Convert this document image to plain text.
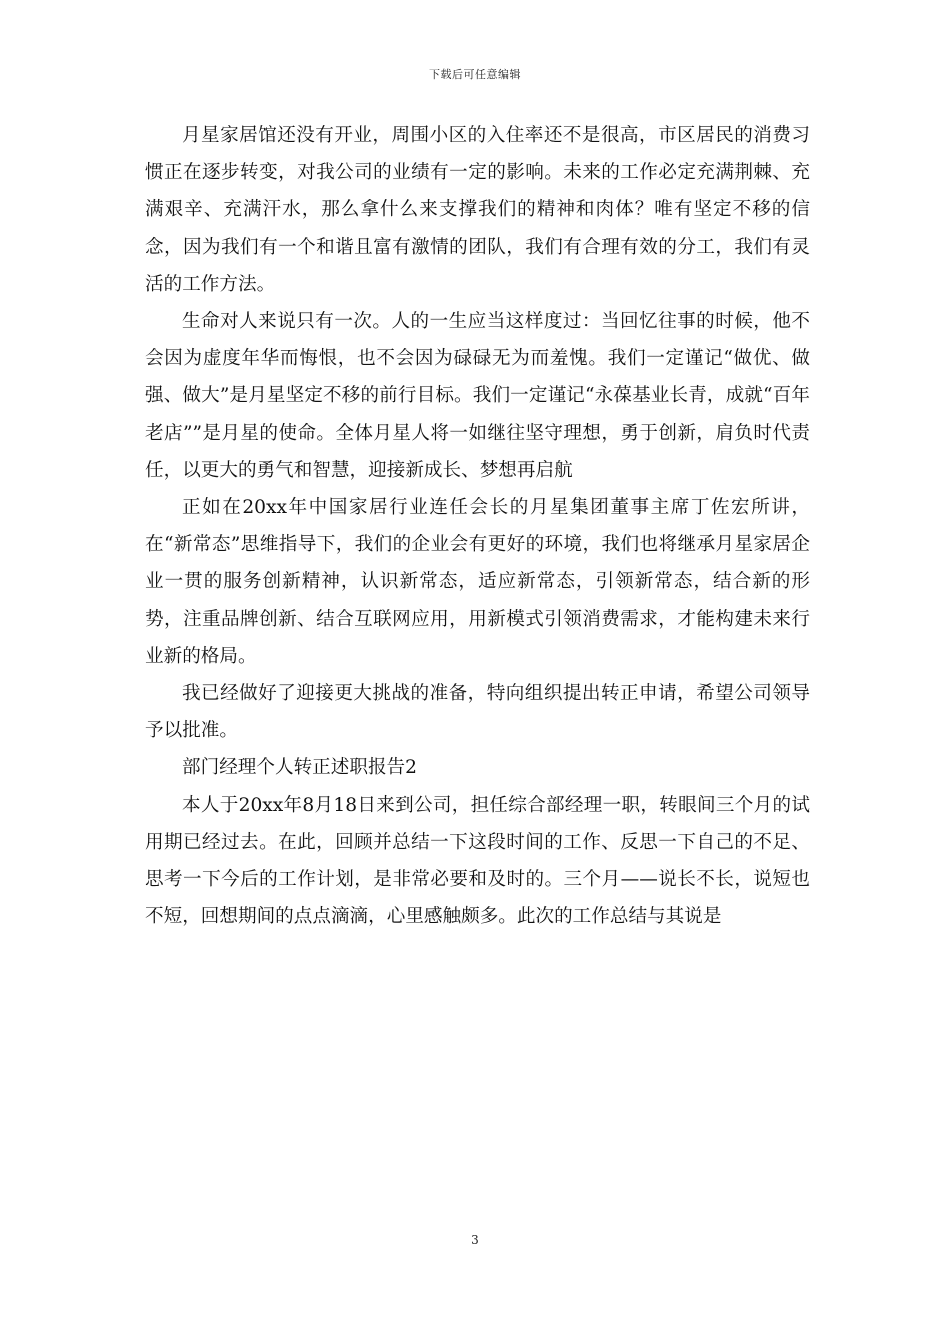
下载后可任意编辑

月星家居馆还没有开业，周围小区的入住率还不是很高，市区居民的消费习惯正在逐步转变，对我公司的业绩有一定的影响。未来的工作必定充满荆棘、充满艰辛、充满汗水，那么拿什么来支撑我们的精神和肉体？唯有坚定不移的信念，因为我们有一个和谐且富有激情的团队，我们有合理有效的分工，我们有灵活的工作方法。

生命对人来说只有一次。人的一生应当这样度过：当回忆往事的时候，他不会因为虚度年华而悔恨，也不会因为碌碌无为而羞愧。我们一定谨记“做优、做强、做大”是月星坚定不移的前行目标。我们一定谨记“永葆基业长青，成就“百年老店””是月星的使命。全体月星人将一如继往坚守理想，勇于创新，肩负时代责任，以更大的勇气和智慧，迎接新成长、梦想再启航

正如在20xx年中国家居行业连任会长的月星集团董事主席丁佐宏所讲，在“新常态”思维指导下，我们的企业会有更好的环境，我们也将继承月星家居企业一贯的服务创新精神，认识新常态，适应新常态，引领新常态，结合新的形势，注重品牌创新、结合互联网应用，用新模式引领消费需求，才能构建未来行业新的格局。

我已经做好了迎接更大挑战的准备，特向组织提出转正申请，希望公司领导予以批准。

部门经理个人转正述职报告2

本人于20xx年8月18日来到公司，担任综合部经理一职，转眼间三个月的试用期已经过去。在此，回顾并总结一下这段时间的工作、反思一下自己的不足、思考一下今后的工作计划，是非常必要和及时的。三个月——说长不长，说短也不短，回想期间的点点滴滴，心里感触颇多。此次的工作总结与其说是

3
